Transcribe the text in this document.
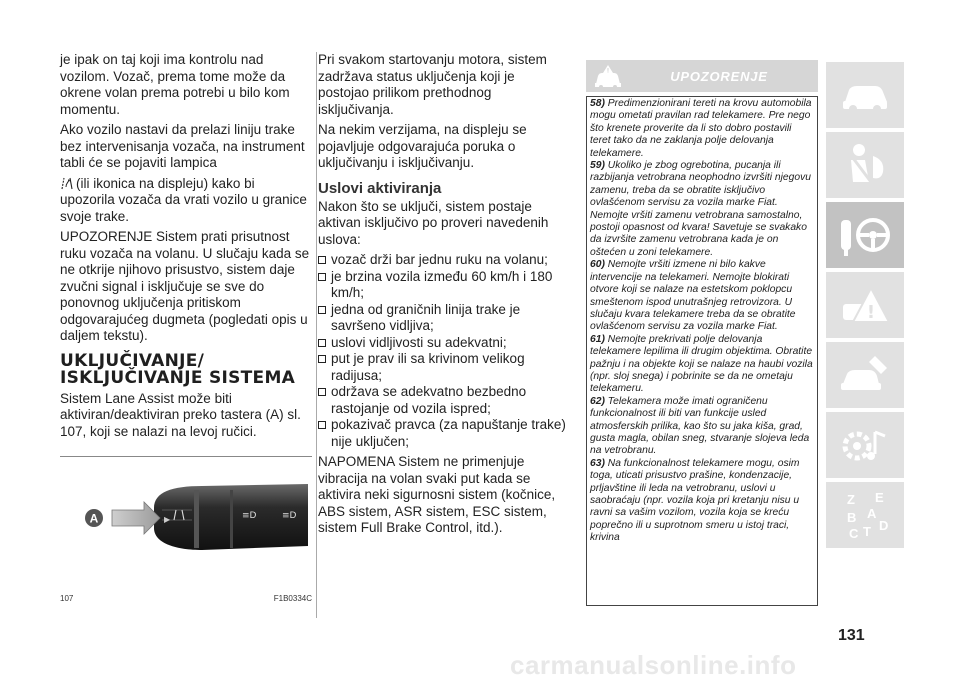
je ipak on taj koji ima kontrolu nad vozilom. Vozač, prema tome može da okrene volan prema potrebi u bilo kom momentu.

Ako vozilo nastavi da prelazi liniju trake bez intervenisanja vozača, na instrument tabli će se pojaviti lampica

(ili ikonica na displeju) kako bi upozorila vozača da vrati vozilo u granice svoje trake.

UPOZORENJE Sistem prati prisutnost ruku vozača na volanu. U slučaju kada se ne otkrije njihovo prisustvo, sistem daje zvučni signal i isključuje se sve do ponovnog uključenja pritiskom odgovarajućeg dugmeta (pogledati opis u daljem tekstu).

UKLJUČIVANJE/ ISKLJUČIVANJE SISTEMA

Sistem Lane Assist može biti aktiviran/deaktiviran preko tastera (A) sl. 107, koji se nalazi na levoj ručici.

▶	≡D	≡D
A
107	F1B0334C

Pri svakom startovanju motora, sistem zadržava status uključenja koji je postojao prilikom prethodnog isključivanja.

Na nekim verzijama, na displeju se pojavljuje odgovarajuća poruka o uključivanju i isključivanju.

Uslovi aktiviranja

Nakon što se uključi, sistem postaje aktivan isključivo po proveri navedenih uslova:

vozač drži bar jednu ruku na volanu;
je brzina vozila između 60 km/h i 180 km/h;
jedna od graničnih linija trake je savršeno vidljiva;
uslovi vidljivosti su adekvatni;
put je prav ili sa krivinom velikog radijusa;
održava se adekvatno bezbedno rastojanje od vozila ispred;
pokazivač pravca (za napuštanje trake) nije uključen;

NAPOMENA Sistem ne primenjuje vibracija na volan svaki put kada se aktivira neki sigurnosni sistem (kočnice, ABS sistem, ASR sistem, ESC sistem, sistem Full Brake Control, itd.).

!	UPOZORENJE

58) Predimenzionirani tereti na krovu automobila mogu ometati pravilan rad telekamere. Pre nego što krenete proverite da li sto dobro postavili teret tako da ne zaklanja polje delovanja telekamere.

59) Ukoliko je zbog ogrebotina, pucanja ili razbijanja vetrobrana neophodno izvršiti njegovu zamenu, treba da se obratite isključivo ovlašćenom servisu za vozila marke Fiat. Nemojte vršiti zamenu vetrobrana samostalno, postoji opasnost od kvara! Savetuje se svakako da izvršite zamenu vetrobrana kada je on oštećen u zoni telekamere.

60) Nemojte vršiti izmene ni bilo kakve intervencije na telekameri. Nemojte blokirati otvore koji se nalaze na estetskom poklopcu smeštenom ispod unutrašnjeg retrovizora. U slučaju kvara telekamere treba da se obratite ovlašćenom servisu za vozila marke Fiat.

61) Nemojte prekrivati polje delovanja telekamere lepilima ili drugim objektima. Obratite pažnju i na objekte koji se nalaze na haubi vozila (npr. sloj snega) i pobrinite se da ne ometaju telekameru.

62) Telekamera može imati ograničenu funkcionalnost ili biti van funkcije usled atmosferskih prilika, kao što su jaka kiša, grad, gusta magla, obilan sneg, stvaranje slojeva leda na vetrobranu.

63) Na funkcionalnost telekamere mogu, osim toga, uticati prisustvo prašine, kondenzacije, prljavštine ili leda na vetrobranu, uslovi u saobraćaju (npr. vozila koja pri kretanju nisu u ravni sa vašim vozilom, vozila koja se kreću poprečno ili u suprotnom smeru u istoj traci, krivina

!
Z E
B A
C T D
131
carmanualsonline.info
